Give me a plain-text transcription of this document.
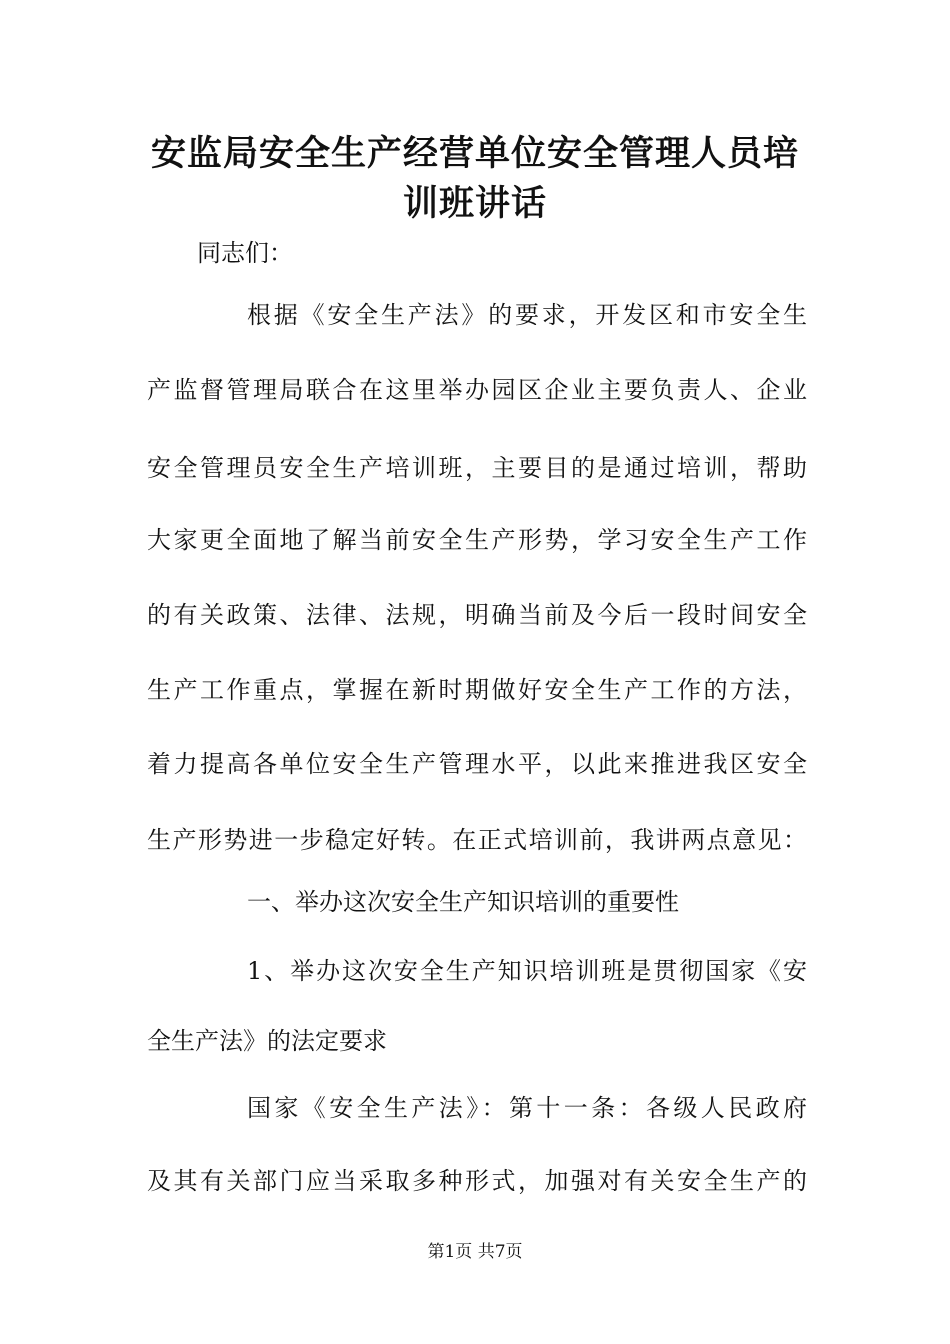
安监局安全生产经营单位安全管理人员培
训班讲话

同志们：

根据《安全生产法》的要求，开发区和市安全生

产监督管理局联合在这里举办园区企业主要负责人、企业

安全管理员安全生产培训班，主要目的是通过培训，帮助

大家更全面地了解当前安全生产形势，学习安全生产工作

的有关政策、法律、法规，明确当前及今后一段时间安全

生产工作重点，掌握在新时期做好安全生产工作的方法，

着力提高各单位安全生产管理水平，以此来推进我区安全

生产形势进一步稳定好转。在正式培训前，我讲两点意见：

一、举办这次安全生产知识培训的重要性

1、举办这次安全生产知识培训班是贯彻国家《安

全生产法》的法定要求

国家《安全生产法》：第十一条：各级人民政府

及其有关部门应当采取多种形式，加强对有关安全生产的

第1页 共7页
